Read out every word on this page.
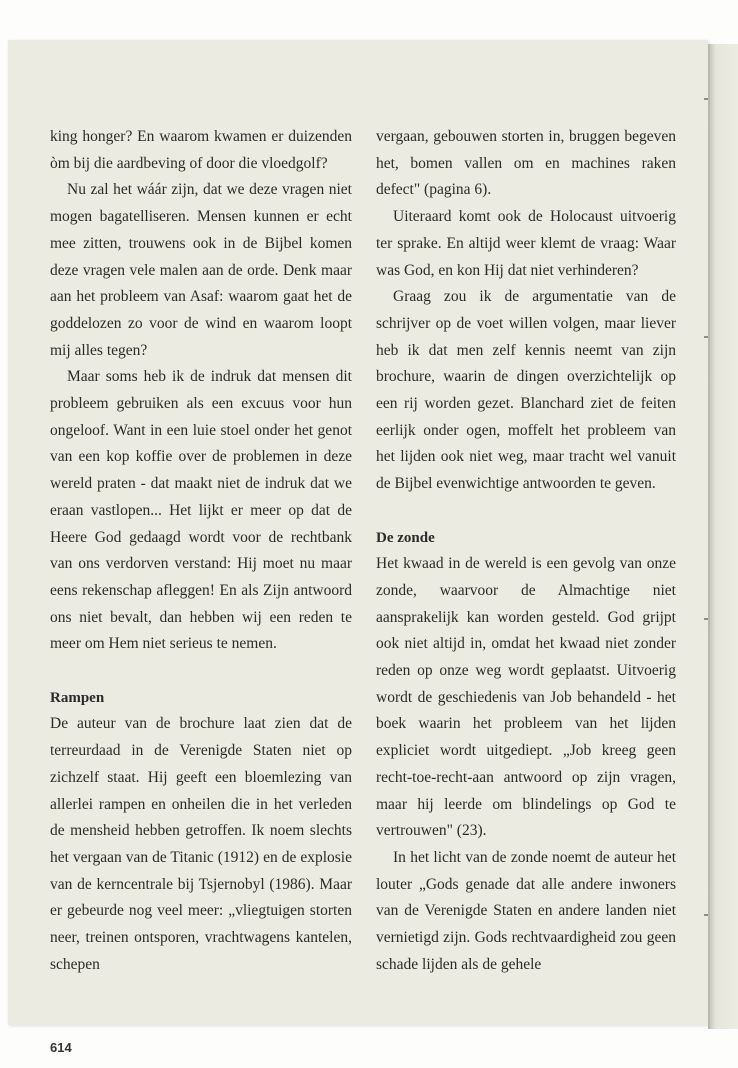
king honger? En waarom kwamen er duizenden òm bij die aardbeving of door die vloedgolf?

Nu zal het wáár zijn, dat we deze vragen niet mogen bagatelliseren. Mensen kunnen er echt mee zitten, trouwens ook in de Bijbel komen deze vragen vele malen aan de orde. Denk maar aan het probleem van Asaf: waarom gaat het de goddelozen zo voor de wind en waarom loopt mij alles tegen?

Maar soms heb ik de indruk dat mensen dit probleem gebruiken als een excuus voor hun ongeloof. Want in een luie stoel onder het genot van een kop koffie over de problemen in deze wereld praten - dat maakt niet de indruk dat we eraan vastlopen... Het lijkt er meer op dat de Heere God gedaagd wordt voor de rechtbank van ons verdorven verstand: Hij moet nu maar eens rekenschap afleggen! En als Zijn antwoord ons niet bevalt, dan hebben wij een reden te meer om Hem niet serieus te nemen.

Rampen

De auteur van de brochure laat zien dat de terreurdaad in de Verenigde Staten niet op zichzelf staat. Hij geeft een bloemlezing van allerlei rampen en onheilen die in het verleden de mensheid hebben getroffen. Ik noem slechts het vergaan van de Titanic (1912) en de explosie van de kerncentrale bij Tsjernobyl (1986). Maar er gebeurde nog veel meer: „vliegtuigen storten neer, treinen ontsporen, vrachtwagens kantelen, schepen

vergaan, gebouwen storten in, bruggen begeven het, bomen vallen om en machines raken defect" (pagina 6).

Uiteraard komt ook de Holocaust uitvoerig ter sprake. En altijd weer klemt de vraag: Waar was God, en kon Hij dat niet verhinderen?

Graag zou ik de argumentatie van de schrijver op de voet willen volgen, maar liever heb ik dat men zelf kennis neemt van zijn brochure, waarin de dingen overzichtelijk op een rij worden gezet. Blanchard ziet de feiten eerlijk onder ogen, moffelt het probleem van het lijden ook niet weg, maar tracht wel vanuit de Bijbel evenwichtige antwoorden te geven.

De zonde

Het kwaad in de wereld is een gevolg van onze zonde, waarvoor de Almachtige niet aansprakelijk kan worden gesteld. God grijpt ook niet altijd in, omdat het kwaad niet zonder reden op onze weg wordt geplaatst. Uitvoerig wordt de geschiedenis van Job behandeld - het boek waarin het probleem van het lijden expliciet wordt uitgediept. „Job kreeg geen recht-toe-recht-aan antwoord op zijn vragen, maar hij leerde om blindelings op God te vertrouwen" (23).

In het licht van de zonde noemt de auteur het louter „Gods genade dat alle andere inwoners van de Verenigde Staten en andere landen niet vernietigd zijn. Gods rechtvaardigheid zou geen schade lijden als de gehele

614
